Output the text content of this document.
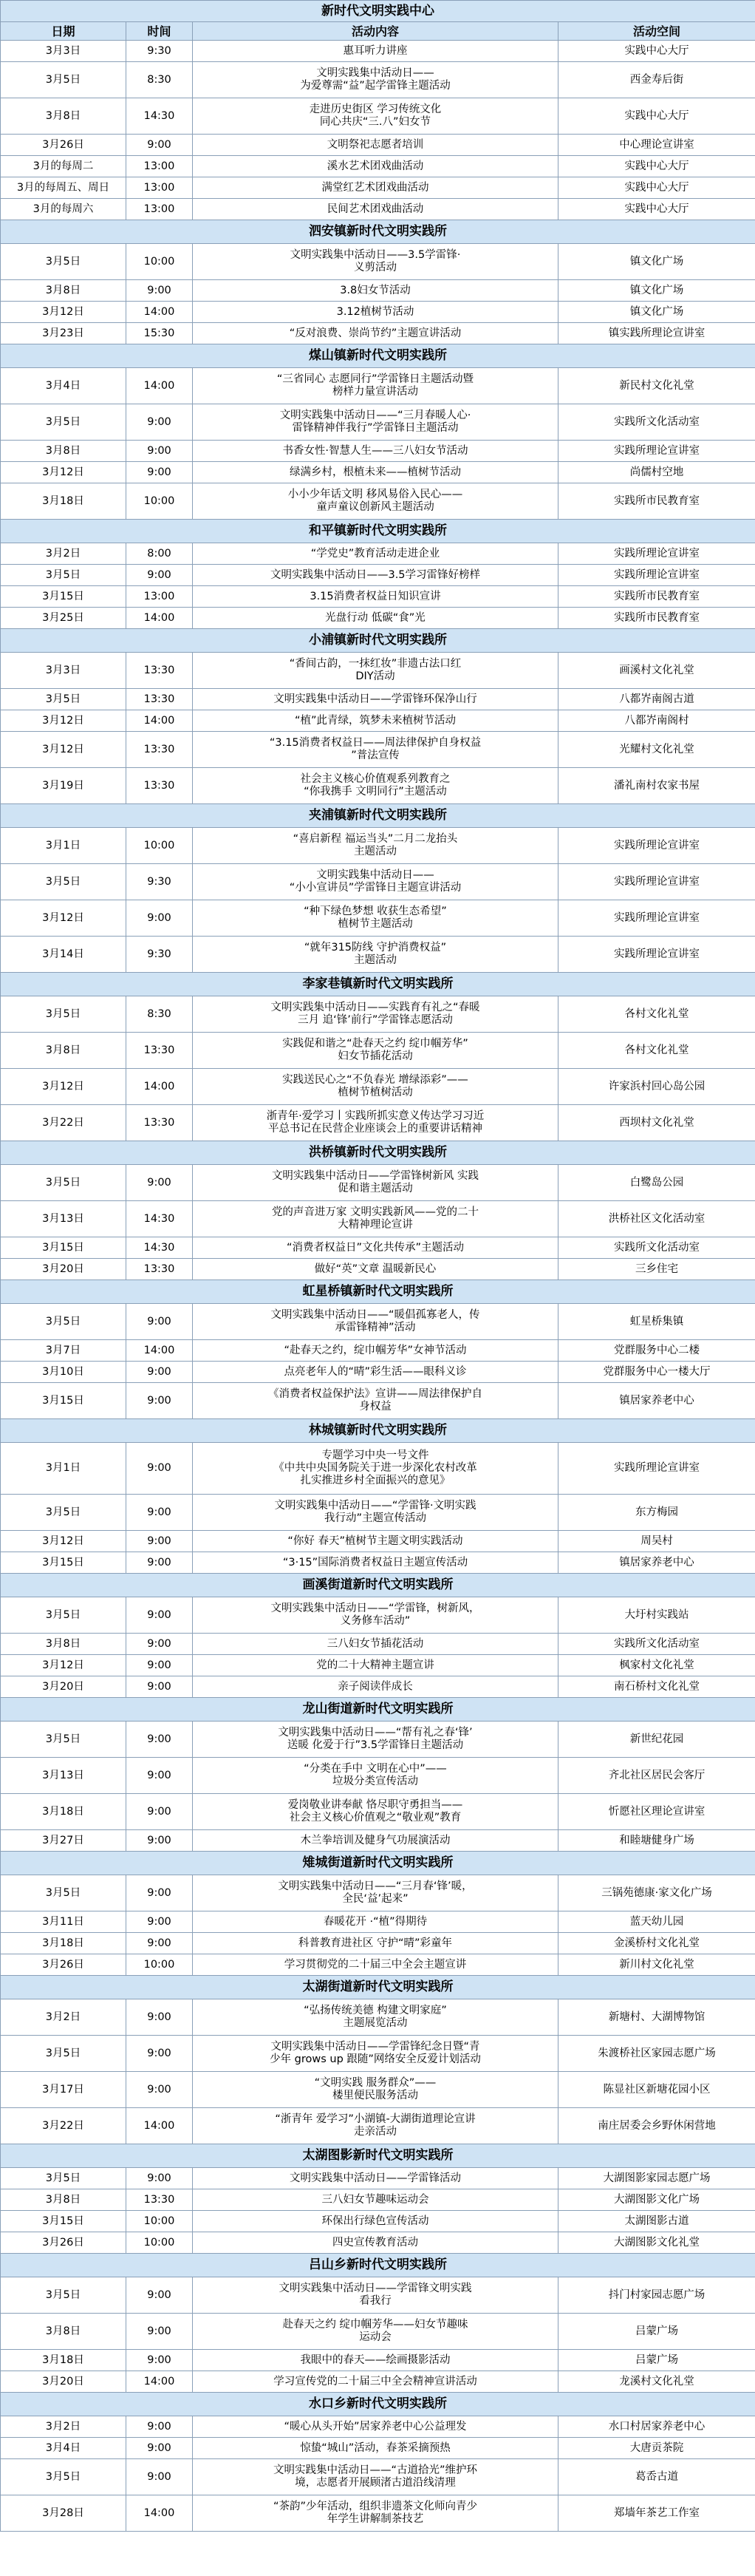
新时代文明实践中心			
日期	时间	活动内容	活动空间
3月3日	9:30	惠耳听力讲座	实践中心大厅

3月5日	8:30	文明实践集中活动日——
为爱尊需“益”起学雷锋主题活动	西金寿后街

3月8日	14:30	走进历史街区 学习传统文化
同心共庆“三.八”妇女节	实践中心大厅

3月26日	9:00	文明祭祀志愿者培训	中心理论宣讲室

3月的每周二	13:00	溪水艺术团戏曲活动	实践中心大厅

3月的每周五、周日	13:00	满堂红艺术团戏曲活动	实践中心大厅

3月的每周六	13:00	民间艺术团戏曲活动	实践中心大厅

泗安镇新时代文明实践所			
3月5日	10:00	文明实践集中活动日——3.5学雷锋·
义剪活动	镇文化广场

3月8日	9:00	3.8妇女节活动	镇文化广场

3月12日	14:00	3.12植树节活动	镇文化广场

3月23日	15:30	“反对浪费、崇尚节约”主题宣讲活动	镇实践所理论宣讲室

煤山镇新时代文明实践所			
3月4日	14:00	“三省同心 志愿同行”学雷锋日主题活动暨
榜样力量宣讲活动	新民村文化礼堂

3月5日	9:00	文明实践集中活动日——“三月春暖人心·
雷锋精神伴我行”学雷锋日主题活动	实践所文化活动室

3月8日	9:00	书香女性·智慧人生——三八妇女节活动	实践所理论宣讲室

3月12日	9:00	绿满乡村，根植未来——植树节活动	尚儒村空地

3月18日	10:00	小小少年话文明 移风易俗入民心——
童声童议创新风主题活动	实践所市民教育室

和平镇新时代文明实践所			
3月2日	8:00	“学党史”教育活动走进企业	实践所理论宣讲室

3月5日	9:00	文明实践集中活动日——3.5学习雷锋好榜样	实践所理论宣讲室

3月15日	13:00	3.15消费者权益日知识宣讲	实践所市民教育室

3月25日	14:00	光盘行动 低碳“食”光	实践所市民教育室

小浦镇新时代文明实践所			
3月3日	13:30	“香间古韵，一抹红妆”非遗古法口红
DIY活动	画溪村文化礼堂

3月5日	13:30	文明实践集中活动日——学雷锋环保净山行	八都岕南阁古道

3月12日	14:00	“植”此青绿，筑梦未来植树节活动	八都岕南阁村

3月12日	13:30	“3.15消费者权益日——周法律保护自身权益
”普法宣传	光耀村文化礼堂

3月19日	13:30	社会主义核心价值观系列教育之
“你我携手 文明同行”主题活动	潘礼南村农家书屋

夹浦镇新时代文明实践所			
3月1日	10:00	“喜启新程 福运当头”二月二龙抬头
主题活动	实践所理论宣讲室

3月5日	9:30	文明实践集中活动日——
“小小宣讲员”学雷锋日主题宣讲活动	实践所理论宣讲室

3月12日	9:00	“种下绿色梦想 收获生态希望”
植树节主题活动	实践所理论宣讲室

3月14日	9:30	“就年315防线 守护消费权益”
主题活动	实践所理论宣讲室

李家巷镇新时代文明实践所			
3月5日	8:30	文明实践集中活动日——实践育有礼之“春暖
三月 追‘锋’前行”学雷锋志愿活动	各村文化礼堂

3月8日	13:30	实践促和谐之“赴春天之约 绽巾帼芳华”
妇女节插花活动	各村文化礼堂

3月12日	14:00	实践送民心之“不负春光 增绿添彩”——
植树节植树活动	许家浜村回心岛公园

3月22日	13:30	浙青年·爱学习丨实践所抓实意义传达学习习近
平总书记在民营企业座谈会上的重要讲话精神	西坝村文化礼堂

洪桥镇新时代文明实践所			
3月5日	9:00	文明实践集中活动日——学雷锋树新风 实践
促和谐主题活动	白鹭岛公园

3月13日	14:30	党的声音进万家 文明实践新风——党的二十
大精神理论宣讲	洪桥社区文化活动室

3月15日	14:30	“消费者权益日”文化共传承”主题活动	实践所文化活动室

3月20日	13:30	做好“英”文章 温暖新民心	三乡住宅

虹星桥镇新时代文明实践所			
3月5日	9:00	文明实践集中活动日——“暖倡孤寡老人，传
承雷锋精神”活动	虹星桥集镇

3月7日	14:00	“赴春天之约，绽巾帼芳华”女神节活动	党群服务中心二楼

3月10日	9:00	点亮老年人的“晴”彩生活——眼科义诊	党群服务中心一楼大厅

3月15日	9:00	《消费者权益保护法》宣讲——周法律保护自
身权益	镇居家养老中心

林城镇新时代文明实践所			
3月1日	9:00	专题学习中央一号文件
《中共中央国务院关于进一步深化农村改革
扎实推进乡村全面振兴的意见》	实践所理论宣讲室

3月5日	9:00	文明实践集中活动日——“学雷锋·文明实践
我行动”主题宣传活动	东方梅园

3月12日	9:00	“你好 春天”植树节主题文明实践活动	周吴村

3月15日	9:00	“3·15”国际消费者权益日主题宣传活动	镇居家养老中心

画溪街道新时代文明实践所			
3月5日	9:00	文明实践集中活动日——“学雷锋，树新风，
义务修车活动”	大圩村实践站

3月8日	9:00	三八妇女节插花活动	实践所文化活动室

3月12日	9:00	党的二十大精神主题宣讲	枫家村文化礼堂

3月20日	9:00	亲子阅读伴成长	南石桥村文化礼堂

龙山街道新时代文明实践所			
3月5日	9:00	文明实践集中活动日——“帮有礼之春‘锋’
送暖 化爱于行”3.5学雷锋日主题活动	新世纪花园

3月13日	9:00	“分类在手中 文明在心中”——
垃圾分类宣传活动	齐北社区居民会客厅

3月18日	9:00	爱岗敬业讲奉献 恪尽职守勇担当——
社会主义核心价值观之“敬业观”教育	忻愿社区理论宣讲室

3月27日	9:00	木兰拳培训及健身气功展演活动	和睦塘健身广场

雉城街道新时代文明实践所			
3月5日	9:00	文明实践集中活动日——“三月春‘锋’暖，
全民‘益’起来”	三锅苑德康·家文化广场

3月11日	9:00	春暖花开 ·“植”得期待	蓝天幼儿园

3月18日	9:00	科普教育进社区 守护“晴”彩童年	金溪桥村文化礼堂

3月26日	10:00	学习贯彻党的二十届三中全会主题宣讲	新川村文化礼堂

太湖街道新时代文明实践所			
3月2日	9:00	“弘扬传统美德 构建文明家庭”
主题展览活动	新塘村、大湖博物馆

3月5日	9:00	文明实践集中活动日——学雷锋纪念日暨“青
少年 grows up 跟随”网络安全反爱计划活动	朱渡桥社区家园志愿广场

3月17日	9:00	“文明实践 服务群众”——
楼里便民服务活动	陈显社区新塘花园小区

3月22日	14:00	“浙青年 爱学习”小湖镇-大湖街道理论宣讲
走亲活动	南庄居委会乡野休闲营地

太湖图影新时代文明实践所			
3月5日	9:00	文明实践集中活动日——学雷锋活动	大湖图影家园志愿广场

3月8日	13:30	三八妇女节趣味运动会	大湖图影文化广场

3月15日	10:00	环保出行绿色宣传活动	太湖图影古道

3月26日	10:00	四史宣传教育活动	大湖图影文化礼堂

吕山乡新时代文明实践所			
3月5日	9:00	文明实践集中活动日——学雷锋文明实践
看我行	抖门村家园志愿广场

3月8日	9:00	赴春天之约 绽巾帼芳华——妇女节趣味
运动会	吕蒙广场

3月18日	9:00	我眼中的春天——绘画摄影活动	吕蒙广场

3月20日	14:00	学习宣传党的二十届三中全会精神宣讲活动	龙溪村文化礼堂

水口乡新时代文明实践所			
3月2日	9:00	“暖心从头开始”居家养老中心公益理发	水口村居家养老中心

3月4日	9:00	惊蛰“城山”活动，春茶采摘预热	大唐贡茶院

3月5日	9:00	文明实践集中活动日——“古道拾光”维护环
境，志愿者开展顾渚古道沿线清理	葛岙古道

3月28日	14:00	“茶韵”少年活动，组织非遗茶文化师向青少
年学生讲解制茶技艺	郑墙年茶艺工作室
